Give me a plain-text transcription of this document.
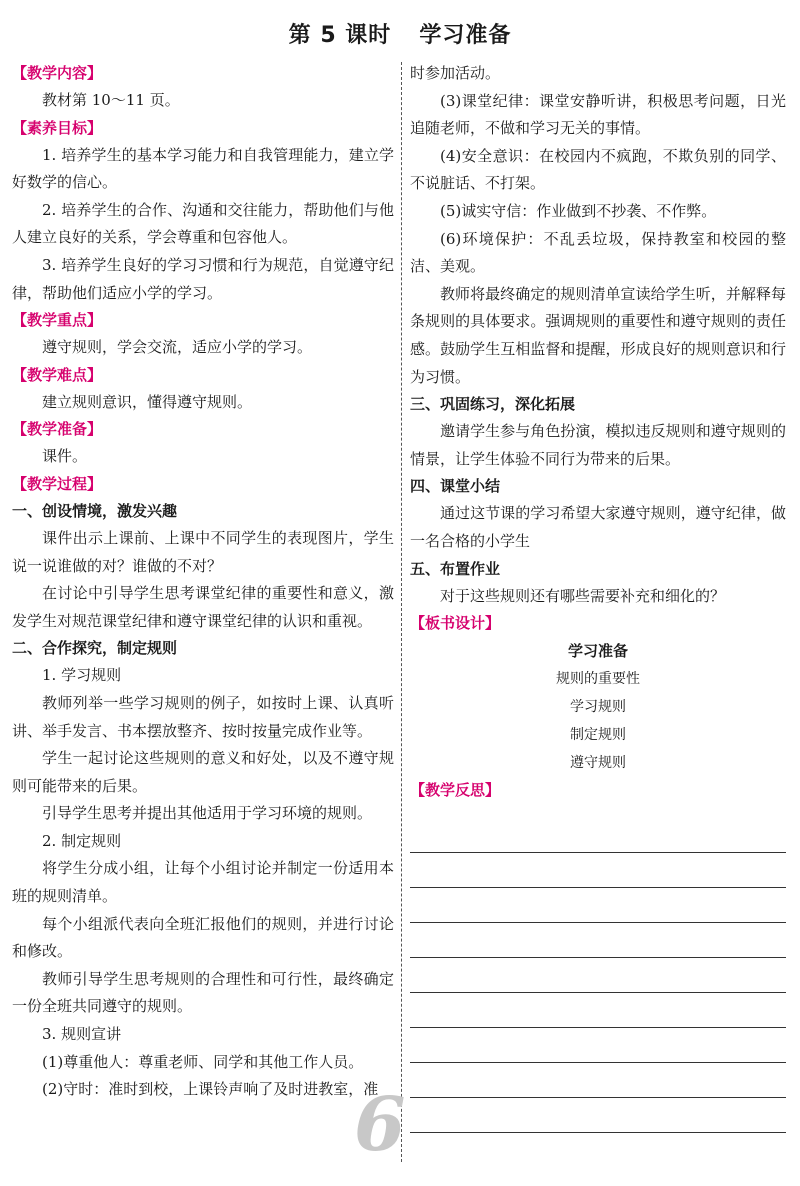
第 5 课时 学习准备
【教学内容】
教材第 10～11 页。
【素养目标】
1. 培养学生的基本学习能力和自我管理能力，建立学好数学的信心。
2. 培养学生的合作、沟通和交往能力，帮助他们与他人建立良好的关系，学会尊重和包容他人。
3. 培养学生良好的学习习惯和行为规范，自觉遵守纪律，帮助他们适应小学的学习。
【教学重点】
遵守规则，学会交流，适应小学的学习。
【教学难点】
建立规则意识，懂得遵守规则。
【教学准备】
课件。
【教学过程】
一、创设情境，激发兴趣
课件出示上课前、上课中不同学生的表现图片，学生说一说谁做的对？谁做的不对？
在讨论中引导学生思考课堂纪律的重要性和意义，激发学生对规范课堂纪律和遵守课堂纪律的认识和重视。
二、合作探究，制定规则
1. 学习规则
教师列举一些学习规则的例子，如按时上课、认真听讲、举手发言、书本摆放整齐、按时按量完成作业等。
学生一起讨论这些规则的意义和好处，以及不遵守规则可能带来的后果。
引导学生思考并提出其他适用于学习环境的规则。
2. 制定规则
将学生分成小组，让每个小组讨论并制定一份适用本班的规则清单。
每个小组派代表向全班汇报他们的规则，并进行讨论和修改。
教师引导学生思考规则的合理性和可行性，最终确定一份全班共同遵守的规则。
3. 规则宣讲
(1)尊重他人：尊重老师、同学和其他工作人员。
(2)守时：准时到校，上课铃声响了及时进教室，准
时参加活动。
(3)课堂纪律：课堂安静听讲，积极思考问题，日光追随老师，不做和学习无关的事情。
(4)安全意识：在校园内不疯跑，不欺负别的同学、不说脏话、不打架。
(5)诚实守信：作业做到不抄袭、不作弊。
(6)环境保护：不乱丢垃圾，保持教室和校园的整洁、美观。
教师将最终确定的规则清单宣读给学生听，并解释每条规则的具体要求。强调规则的重要性和遵守规则的责任感。鼓励学生互相监督和提醒，形成良好的规则意识和行为习惯。
三、巩固练习，深化拓展
邀请学生参与角色扮演，模拟违反规则和遵守规则的情景，让学生体验不同行为带来的后果。
四、课堂小结
通过这节课的学习希望大家遵守规则，遵守纪律，做一名合格的小学生
五、布置作业
对于这些规则还有哪些需要补充和细化的？
【板书设计】
学习准备
规则的重要性
学习规则
制定规则
遵守规则
【教学反思】
6
